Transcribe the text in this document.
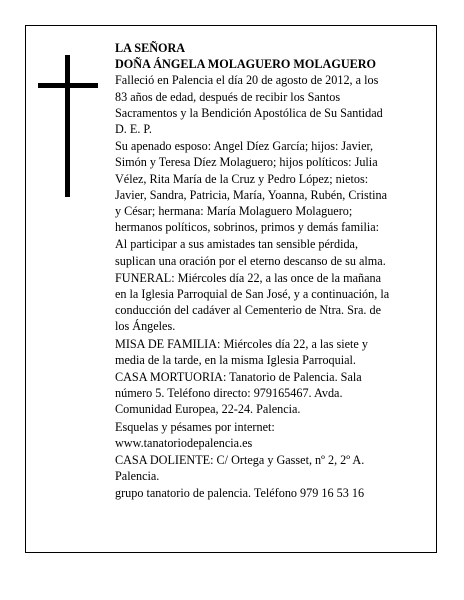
LA SEÑORA
DOÑA ÁNGELA MOLAGUERO MOLAGUERO
Falleció en Palencia el día 20 de agosto de 2012, a los
83 años de edad, después de recibir los Santos
Sacramentos y la Bendición Apostólica de Su Santidad
D. E. P.
Su apenado esposo: Angel Díez García; hijos: Javier,
Simón y Teresa Díez Molaguero; hijos políticos: Julia
Vélez, Rita María de la Cruz y Pedro López; nietos:
Javier, Sandra, Patricia, María, Yoanna, Rubén, Cristina
y César; hermana: María Molaguero Molaguero;
hermanos políticos, sobrinos, primos y demás familia:
Al participar a sus amistades tan sensible pérdida,
suplican una oración por el eterno descanso de su alma.
FUNERAL: Miércoles día 22, a las once de la mañana
en la Iglesia Parroquial de San José, y a continuación, la
conducción del cadáver al Cementerio de Ntra. Sra. de
los Ángeles.
MISA DE FAMILIA: Miércoles día 22, a las siete y
media de la tarde, en la misma Iglesia Parroquial.
CASA MORTUORIA: Tanatorio de Palencia. Sala
número 5. Teléfono directo: 979165467. Avda.
Comunidad Europea, 22-24. Palencia.
Esquelas y pésames por internet:
www.tanatoriodepalencia.es
CASA DOLIENTE: C/ Ortega y Gasset, nº 2, 2º A.
Palencia.
grupo tanatorio de palencia. Teléfono 979 16 53 16
